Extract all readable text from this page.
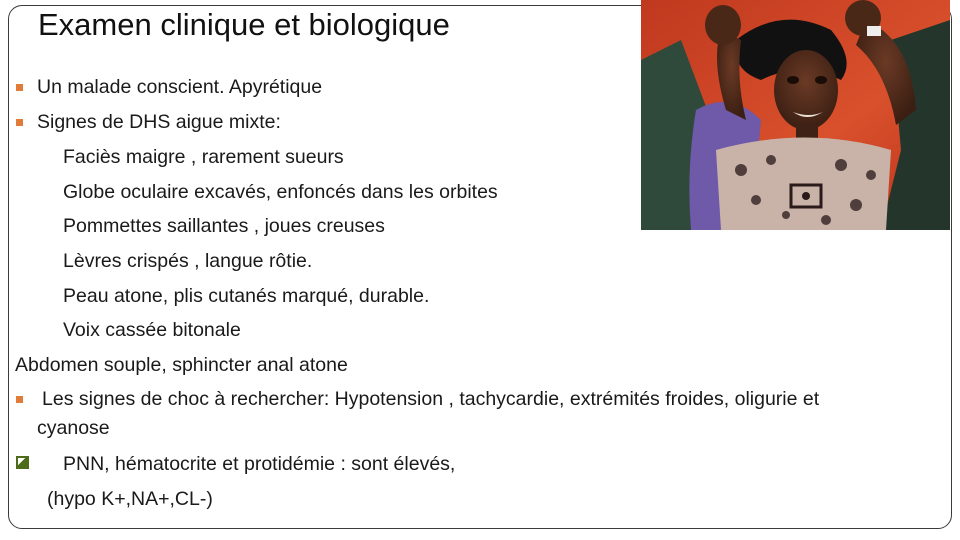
Examen clinique et biologique
Un malade conscient. Apyrétique
Signes de DHS aigue mixte:
Faciès maigre , rarement sueurs
Globe oculaire excavés, enfoncés dans les orbites
Pommettes saillantes , joues creuses
Lèvres crispés , langue rôtie.
Peau atone, plis cutanés marqué, durable.
Voix cassée bitonale
Abdomen souple, sphincter anal atone
Les signes de choc à rechercher: Hypotension , tachycardie, extrémités froides, oligurie et
cyanose
PNN, hématocrite et protidémie : sont élevés,
(hypo K+,NA+,CL-)
